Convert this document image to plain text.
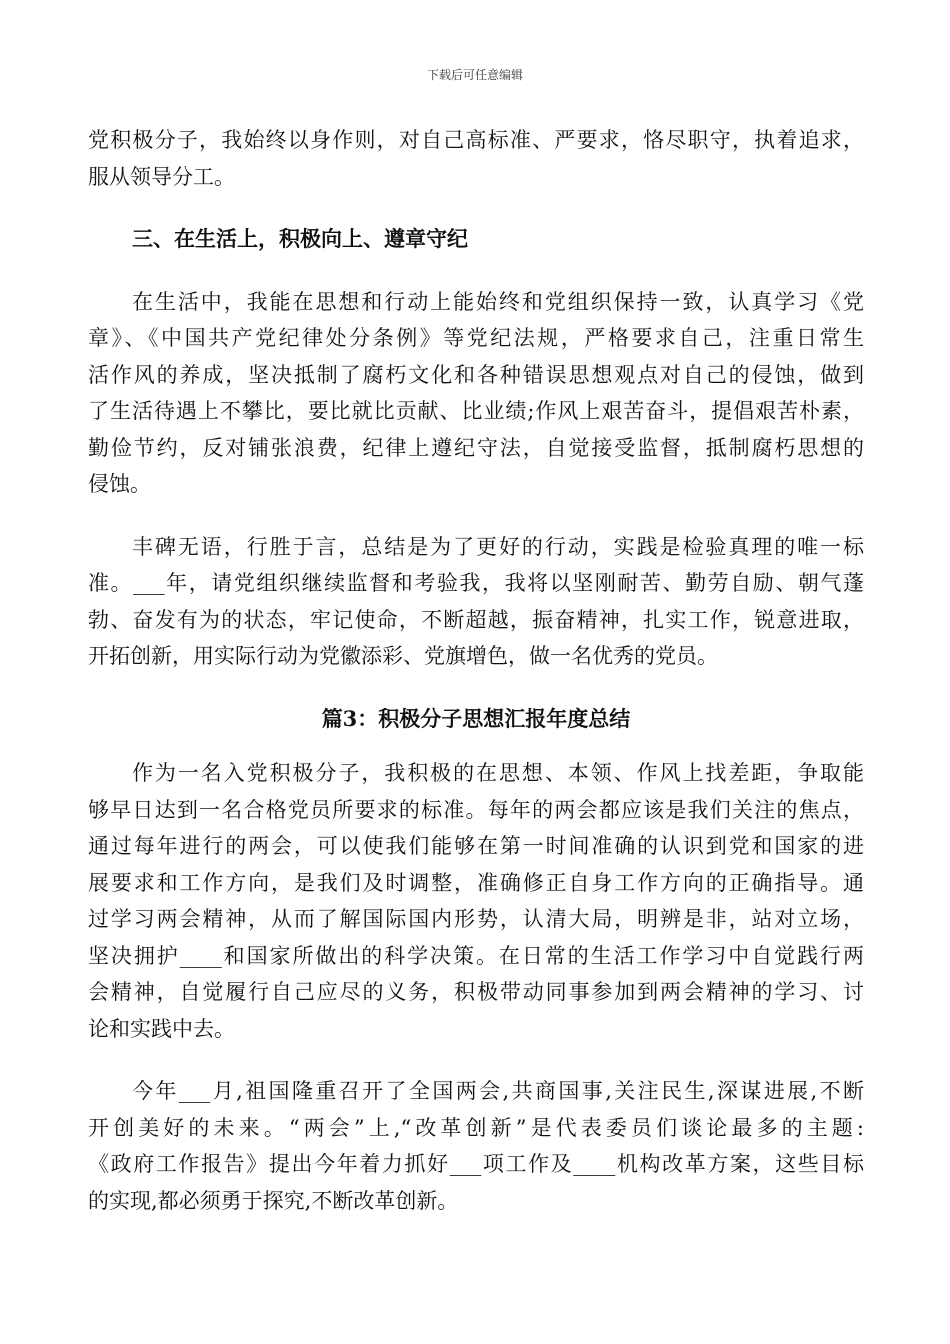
下载后可任意编辑
党积极分子，我始终以身作则，对自己高标准、严要求，恪尽职守，执着追求，
服从领导分工。
三、在生活上，积极向上、遵章守纪
在生活中，我能在思想和行动上能始终和党组织保持一致，认真学习《党
章》、《中国共产党纪律处分条例》等党纪法规，严格要求自己，注重日常生
活作风的养成，坚决抵制了腐朽文化和各种错误思想观点对自己的侵蚀，做到
了生活待遇上不攀比，要比就比贡献、比业绩;作风上艰苦奋斗，提倡艰苦朴素，
勤俭节约，反对铺张浪费，纪律上遵纪守法，自觉接受监督，抵制腐朽思想的
侵蚀。
丰碑无语，行胜于言，总结是为了更好的行动，实践是检验真理的唯一标
准。___年，请党组织继续监督和考验我，我将以坚刚耐苦、勤劳自励、朝气蓬
勃、奋发有为的状态，牢记使命，不断超越，振奋精神，扎实工作，锐意进取，
开拓创新，用实际行动为党徽添彩、党旗增色，做一名优秀的党员。
篇3：积极分子思想汇报年度总结
作为一名入党积极分子，我积极的在思想、本领、作风上找差距，争取能
够早日达到一名合格党员所要求的标准。每年的两会都应该是我们关注的焦点，
通过每年进行的两会，可以使我们能够在第一时间准确的认识到党和国家的进
展要求和工作方向，是我们及时调整，准确修正自身工作方向的正确指导。通
过学习两会精神，从而了解国际国内形势，认清大局，明辨是非，站对立场，
坚决拥护____和国家所做出的科学决策。在日常的生活工作学习中自觉践行两
会精神，自觉履行自己应尽的义务，积极带动同事参加到两会精神的学习、讨
论和实践中去。
今年___月,祖国隆重召开了全国两会,共商国事,关注民生,深谋进展,不断
开创美好的未来。“两会”上,“改革创新”是代表委员们谈论最多的主题:
《政府工作报告》提出今年着力抓好___项工作及____机构改革方案，这些目标
的实现,都必须勇于探究,不断改革创新。
